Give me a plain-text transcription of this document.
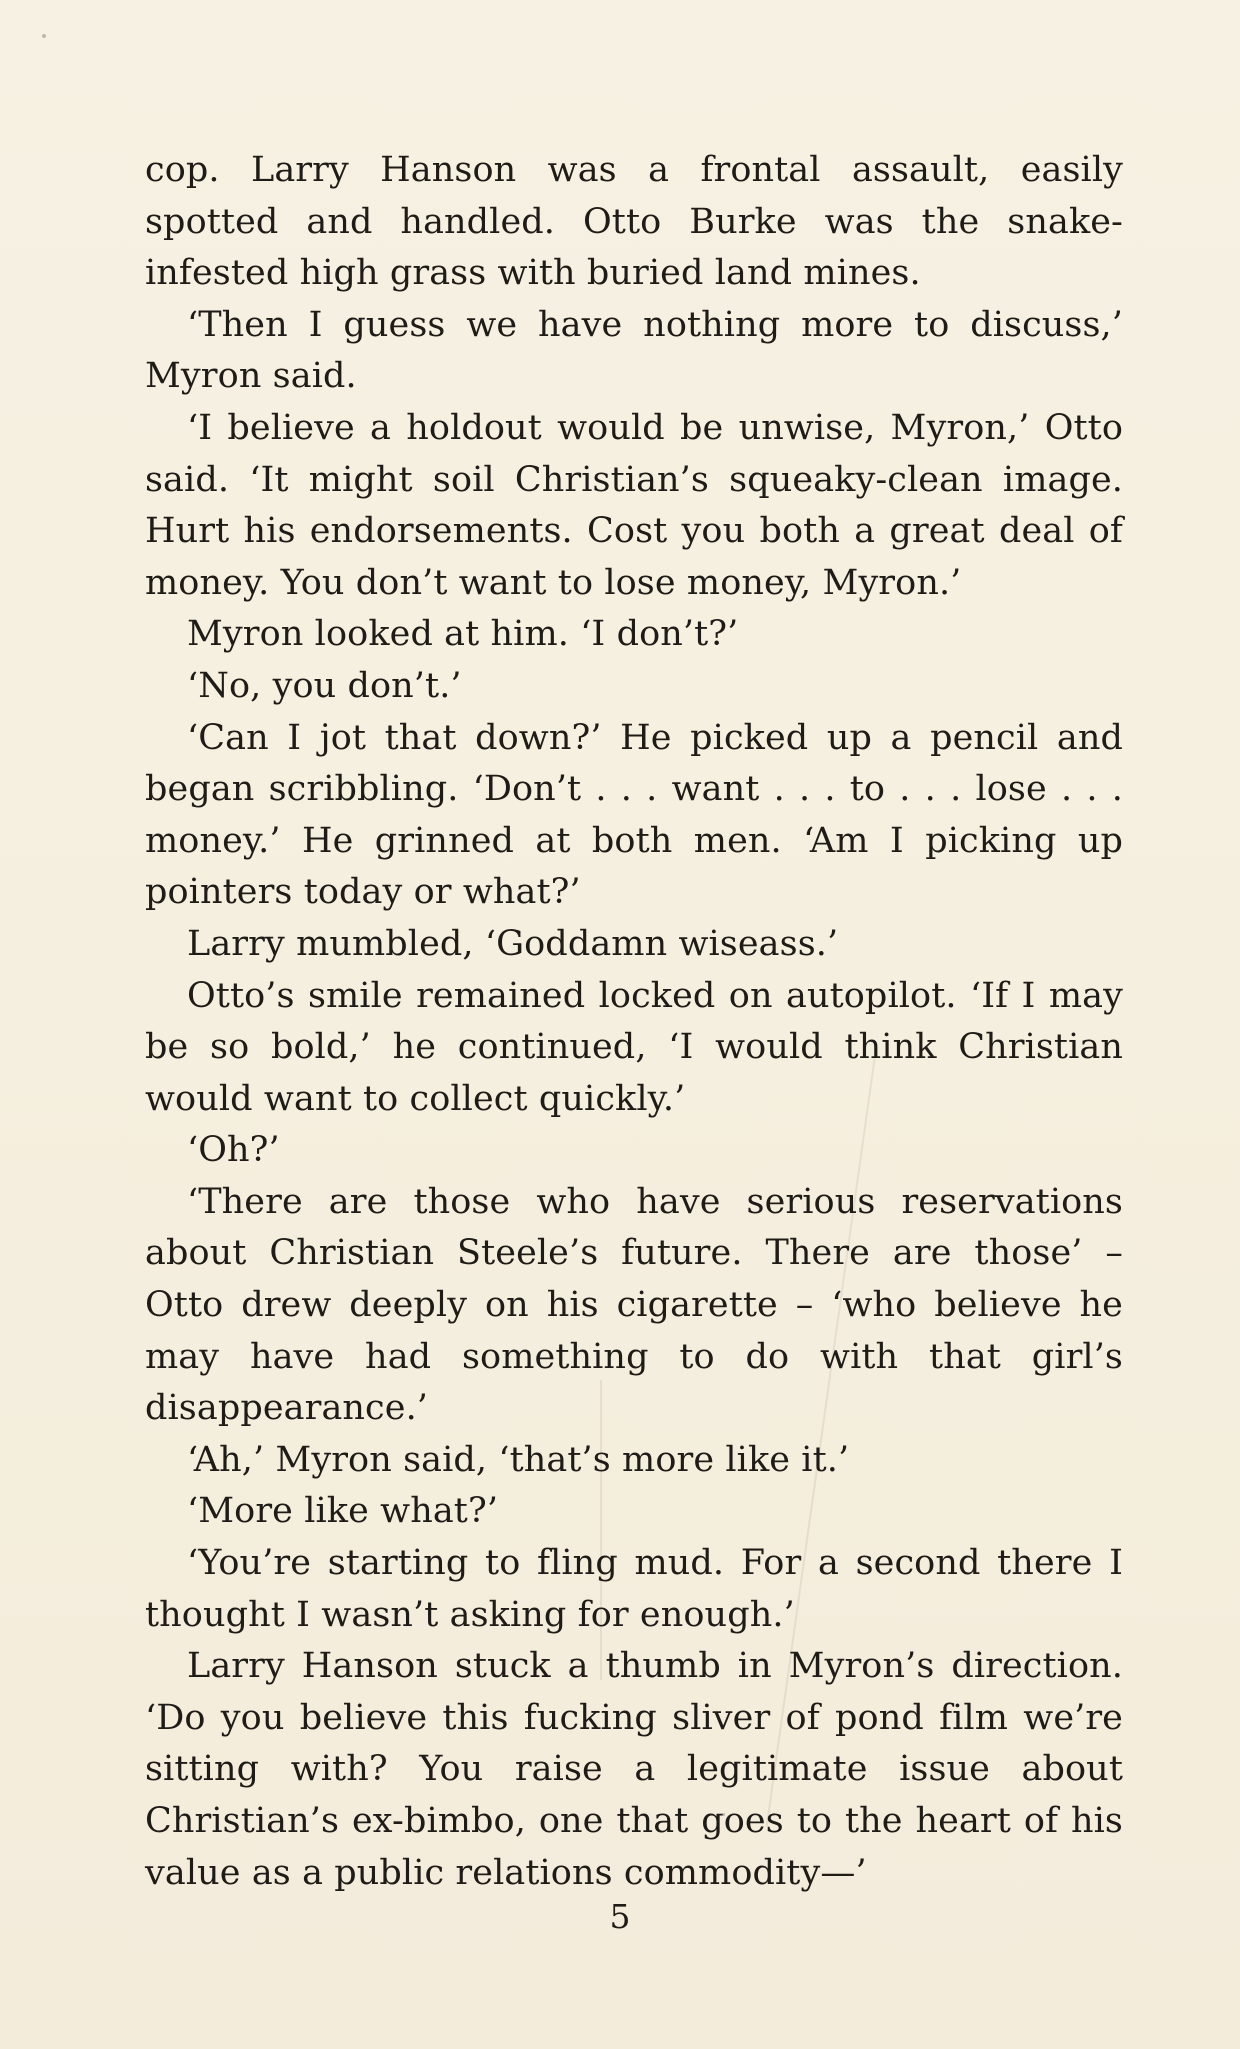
cop. Larry Hanson was a frontal assault, easily spotted and handled. Otto Burke was the snake-infested high grass with buried land mines.

‘Then I guess we have nothing more to discuss,’ Myron said.

‘I believe a holdout would be unwise, Myron,’ Otto said. ‘It might soil Christian’s squeaky-clean image. Hurt his endorsements. Cost you both a great deal of money. You don’t want to lose money, Myron.’

Myron looked at him. ‘I don’t?’

‘No, you don’t.’

‘Can I jot that down?’ He picked up a pencil and began scribbling. ‘Don’t . . . want . . . to . . . lose . . . money.’ He grinned at both men. ‘Am I picking up pointers today or what?’

Larry mumbled, ‘Goddamn wiseass.’

Otto’s smile remained locked on autopilot. ‘If I may be so bold,’ he continued, ‘I would think Christian would want to collect quickly.’

‘Oh?’

‘There are those who have serious reservations about Christian Steele’s future. There are those’ – Otto drew deeply on his cigarette – ‘who believe he may have had something to do with that girl’s disappearance.’

‘Ah,’ Myron said, ‘that’s more like it.’

‘More like what?’

‘You’re starting to fling mud. For a second there I thought I wasn’t asking for enough.’

Larry Hanson stuck a thumb in Myron’s direction. ‘Do you believe this fucking sliver of pond film we’re sitting with? You raise a legitimate issue about Christian’s ex-bimbo, one that goes to the heart of his value as a public relations commodity—’

5
